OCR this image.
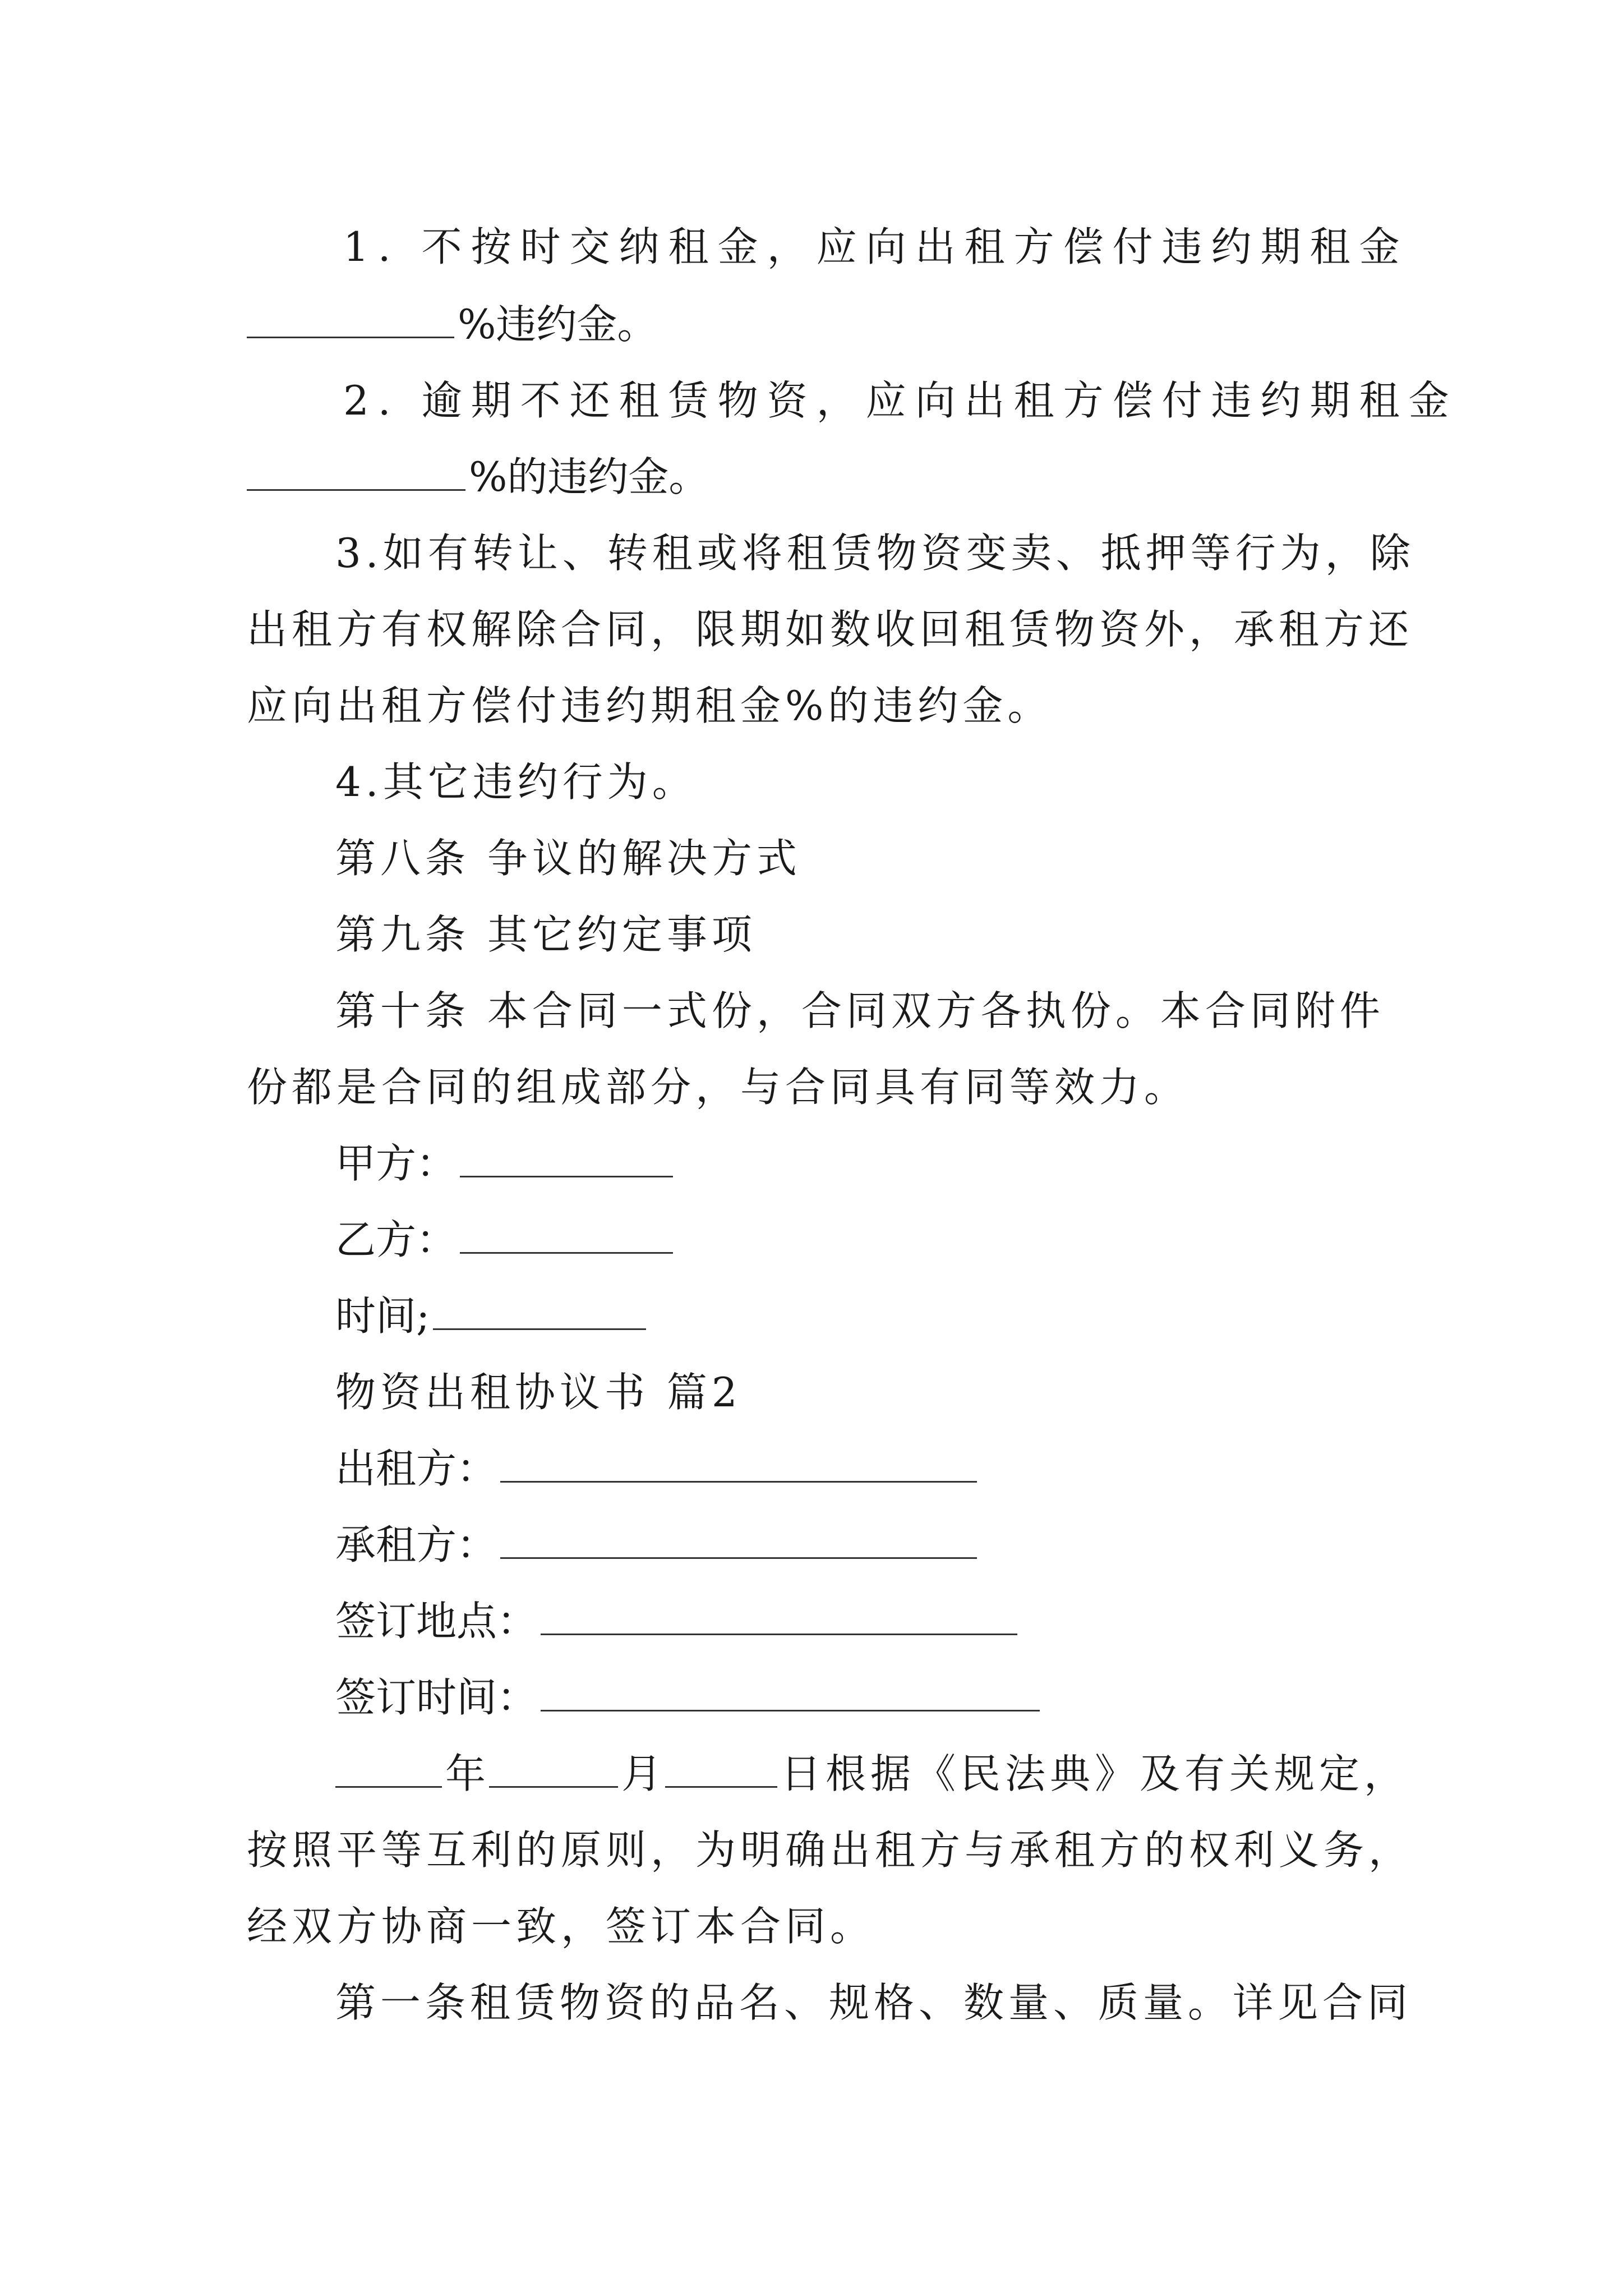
1. 不按时交纳租金，应向出租方偿付违约期租金
%违约金。
2. 逾期不还租赁物资，应向出租方偿付违约期租金
%的违约金。
3.如有转让、转租或将租赁物资变卖、抵押等行为，除
出租方有权解除合同，限期如数收回租赁物资外，承租方还
应向出租方偿付违约期租金%的违约金。
4.其它违约行为。
第八条 争议的解决方式
第九条 其它约定事项
第十条 本合同一式份，合同双方各执份。本合同附件
份都是合同的组成部分，与合同具有同等效力。
甲方：
乙方：
时间;
物资出租协议书 篇2
出租方：
承租方：
签订地点：
签订时间：
年	月	日根据《民法典》及有关规定，
按照平等互利的原则，为明确出租方与承租方的权利义务，
经双方协商一致，签订本合同。
第一条租赁物资的品名、规格、数量、质量。详见合同
